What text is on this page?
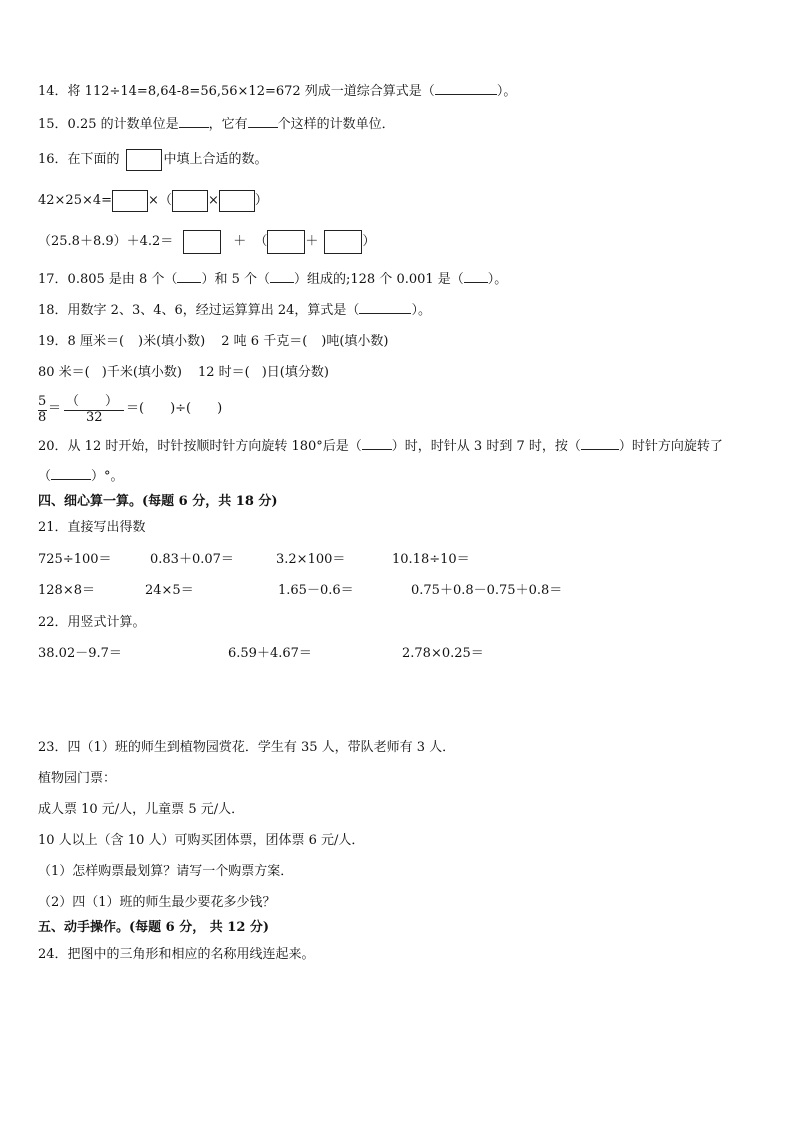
14．将 112÷14=8,64-8=56,56×12=672 列成一道综合算式是（	）。
15．0.25 的计数单位是 ，它有 个这样的计数单位．
16．在下面的	中填上合适的数。
42×25×4=	×（	×	）
（25.8＋8.9）＋4.2＝	＋ （	＋	）
17．0.805 是由 8 个（ ）和 5 个（ ）组成的;128 个 0.001 是（ ）。
18．用数字 2、3、4、6，经过运算算出 24，算式是（	）。
19．8 厘米＝( )米(填小数) 2 吨 6 千克＝( )吨(填小数)
80 米＝( )千米(填小数) 12 时＝( )日(填分数)
5
8
＝ （　　）
32
＝(　　)÷(　　)
20．从 12 时开始，时针按顺时针方向旋转 180°后是（ ）时，时针从 3 时到 7 时，按（	）时针方向旋转了
（	）°。
四、细心算一算。(每题 6 分，共 18 分)
21．直接写出得数
725÷100＝	0.83＋0.07＝	3.2×100＝	10.18÷10＝
128×8＝	24×5＝	1.65－0.6＝	0.75＋0.8－0.75＋0.8＝
22．用竖式计算。
38.02－9.7＝	6.59＋4.67＝	2.78×0.25＝
23．四（1）班的师生到植物园赏花．学生有 35 人，带队老师有 3 人．
植物园门票：
成人票 10 元/人，儿童票 5 元/人．
10 人以上（含 10 人）可购买团体票，团体票 6 元/人．
（1）怎样购票最划算？请写一个购票方案．
（2）四（1）班的师生最少要花多少钱？
五、动手操作。(每题 6 分， 共 12 分)
24．把图中的三角形和相应的名称用线连起来。
